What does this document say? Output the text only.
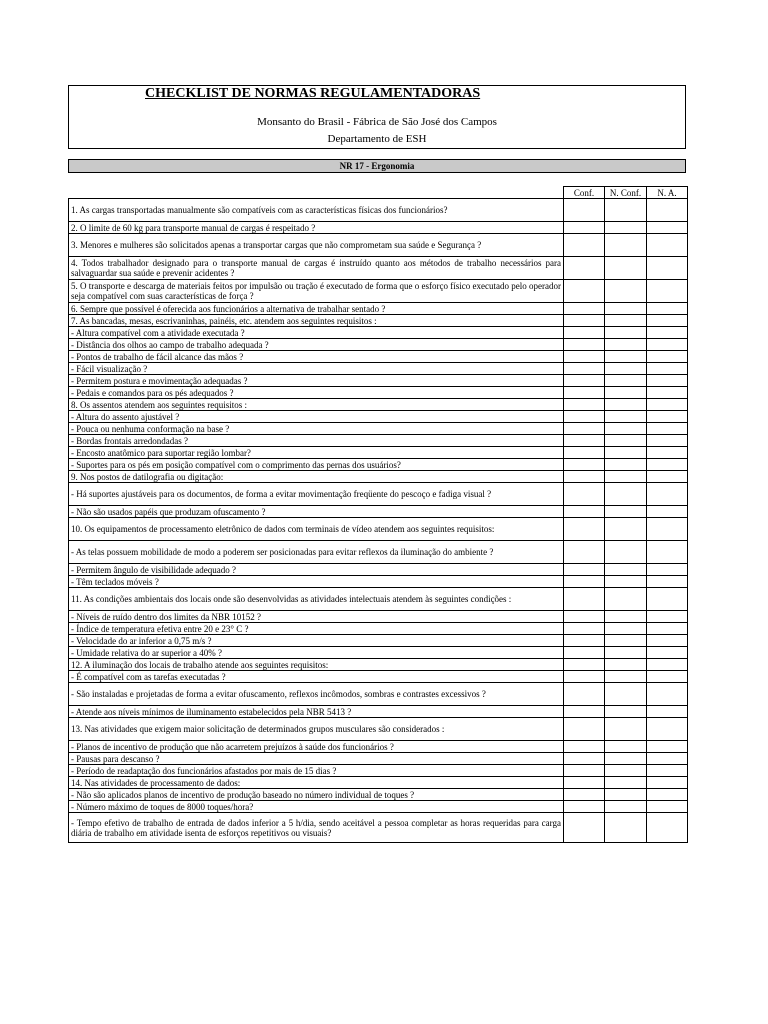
CHECKLIST DE NORMAS REGULAMENTADORAS
Monsanto do Brasil - Fábrica de São José dos Campos
Departamento de ESH
NR 17 - Ergonomia
	Conf.	N. Conf.	N. A.
1. As cargas transportadas manualmente são compatíveis com as características físicas dos funcionários?			
2. O limite de 60 kg para transporte manual de cargas é respeitado ?			
3. Menores e mulheres são solicitados apenas a transportar cargas que não comprometam sua saúde e Segurança ?			
4. Todos trabalhador designado para o transporte manual de cargas é instruído quanto aos métodos de trabalho necessários para salvaguardar sua saúde e prevenir acidentes ?			
5. O transporte e descarga de materiais feitos por impulsão ou tração é executado de forma que o esforço físico executado pelo operador seja compatível com suas características de força ?			
6. Sempre que possível é oferecida aos funcionários a alternativa de trabalhar sentado ?			
7. As bancadas, mesas, escrivaninhas, painéis, etc. atendem aos seguintes requisitos :			
- Altura compatível com a atividade executada ?			
- Distância dos olhos ao campo de trabalho adequada ?			
- Pontos de trabalho de fácil alcance das mãos ?			
- Fácil visualização ?			
- Permitem postura e movimentação adequadas ?			
- Pedais e comandos para os pés adequados ?			
8. Os assentos atendem aos seguintes requisitos :			
- Altura do assento ajustável ?			
- Pouca ou nenhuma conformação na base ?			
- Bordas frontais arredondadas ?			
- Encosto anatômico para suportar região lombar?			
- Suportes para os pés em posição compatível com o comprimento das pernas dos usuários?			
9. Nos postos de datilografia ou digitação:			
- Há suportes ajustáveis para os documentos, de forma a evitar movimentação freqüente do pescoço e fadiga visual ?			
- Não são usados papéis que produzam ofuscamento ?			
10. Os equipamentos de processamento eletrônico de dados com terminais de vídeo atendem aos seguintes requisitos:			
- As telas possuem mobilidade de modo a poderem ser posicionadas para evitar reflexos da iluminação do ambiente ?			
- Permitem ângulo de visibilidade adequado ?			
- Têm teclados móveis ?			
11. As condições ambientais dos locais onde são desenvolvidas as atividades intelectuais atendem às seguintes condições :			
- Níveis de ruído dentro dos limites da NBR 10152 ?			
- Índice de temperatura efetiva entre 20 e 23° C ?			
- Velocidade do ar inferior a 0,75 m/s ?			
- Umidade relativa do ar superior a 40% ?			
12. A iluminação dos locais de trabalho atende aos seguintes requisitos:			
- É compatível com as tarefas executadas ?			
- São instaladas e projetadas de forma a evitar ofuscamento, reflexos incômodos, sombras e contrastes excessivos ?			
- Atende aos níveis mínimos de iluminamento estabelecidos pela NBR 5413 ?			
13. Nas atividades que exigem maior solicitação de determinados grupos musculares são considerados :			
- Planos de incentivo de produção que não acarretem prejuízos à saúde dos funcionários ?			
- Pausas para descanso ?			
- Período de readaptação dos funcionários afastados por mais de 15 dias ?			
14. Nas atividades de processamento de dados:			
- Não são aplicados planos de incentivo de produção baseado no número individual de toques ?			
- Número máximo de toques de 8000 toques/hora?			
- Tempo efetivo de trabalho de entrada de dados inferior a 5 h/dia, sendo aceitável a pessoa completar as horas requeridas para carga diária de trabalho em atividade isenta de esforços repetitivos ou visuais?			
